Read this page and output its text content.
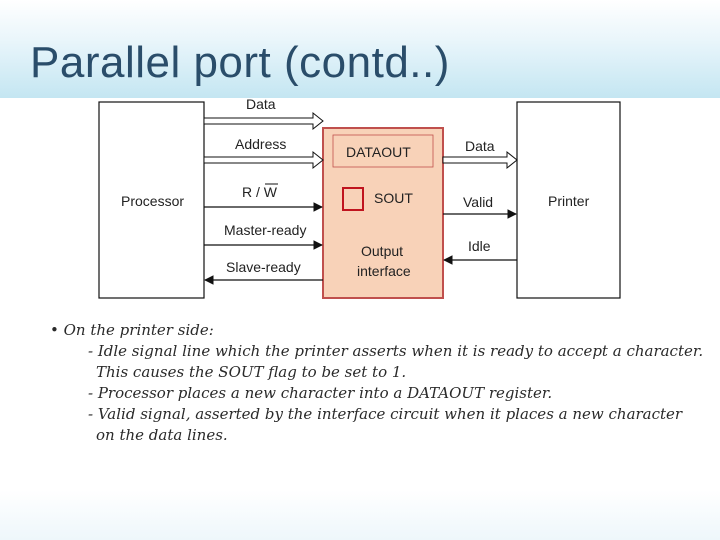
Parallel port (contd..)
Processor
DATAOUT
SOUT
Output
interface
Printer
Data
Address
R / W
Master-ready
Slave-ready
Data
Valid
Idle
• On the printer side:
- Idle signal line which the printer asserts when it is ready to accept a character.
This causes the SOUT flag to be set to 1.
- Processor places a new character into a DATAOUT register.
- Valid signal, asserted by the interface circuit when it places a new character
on the data lines.
